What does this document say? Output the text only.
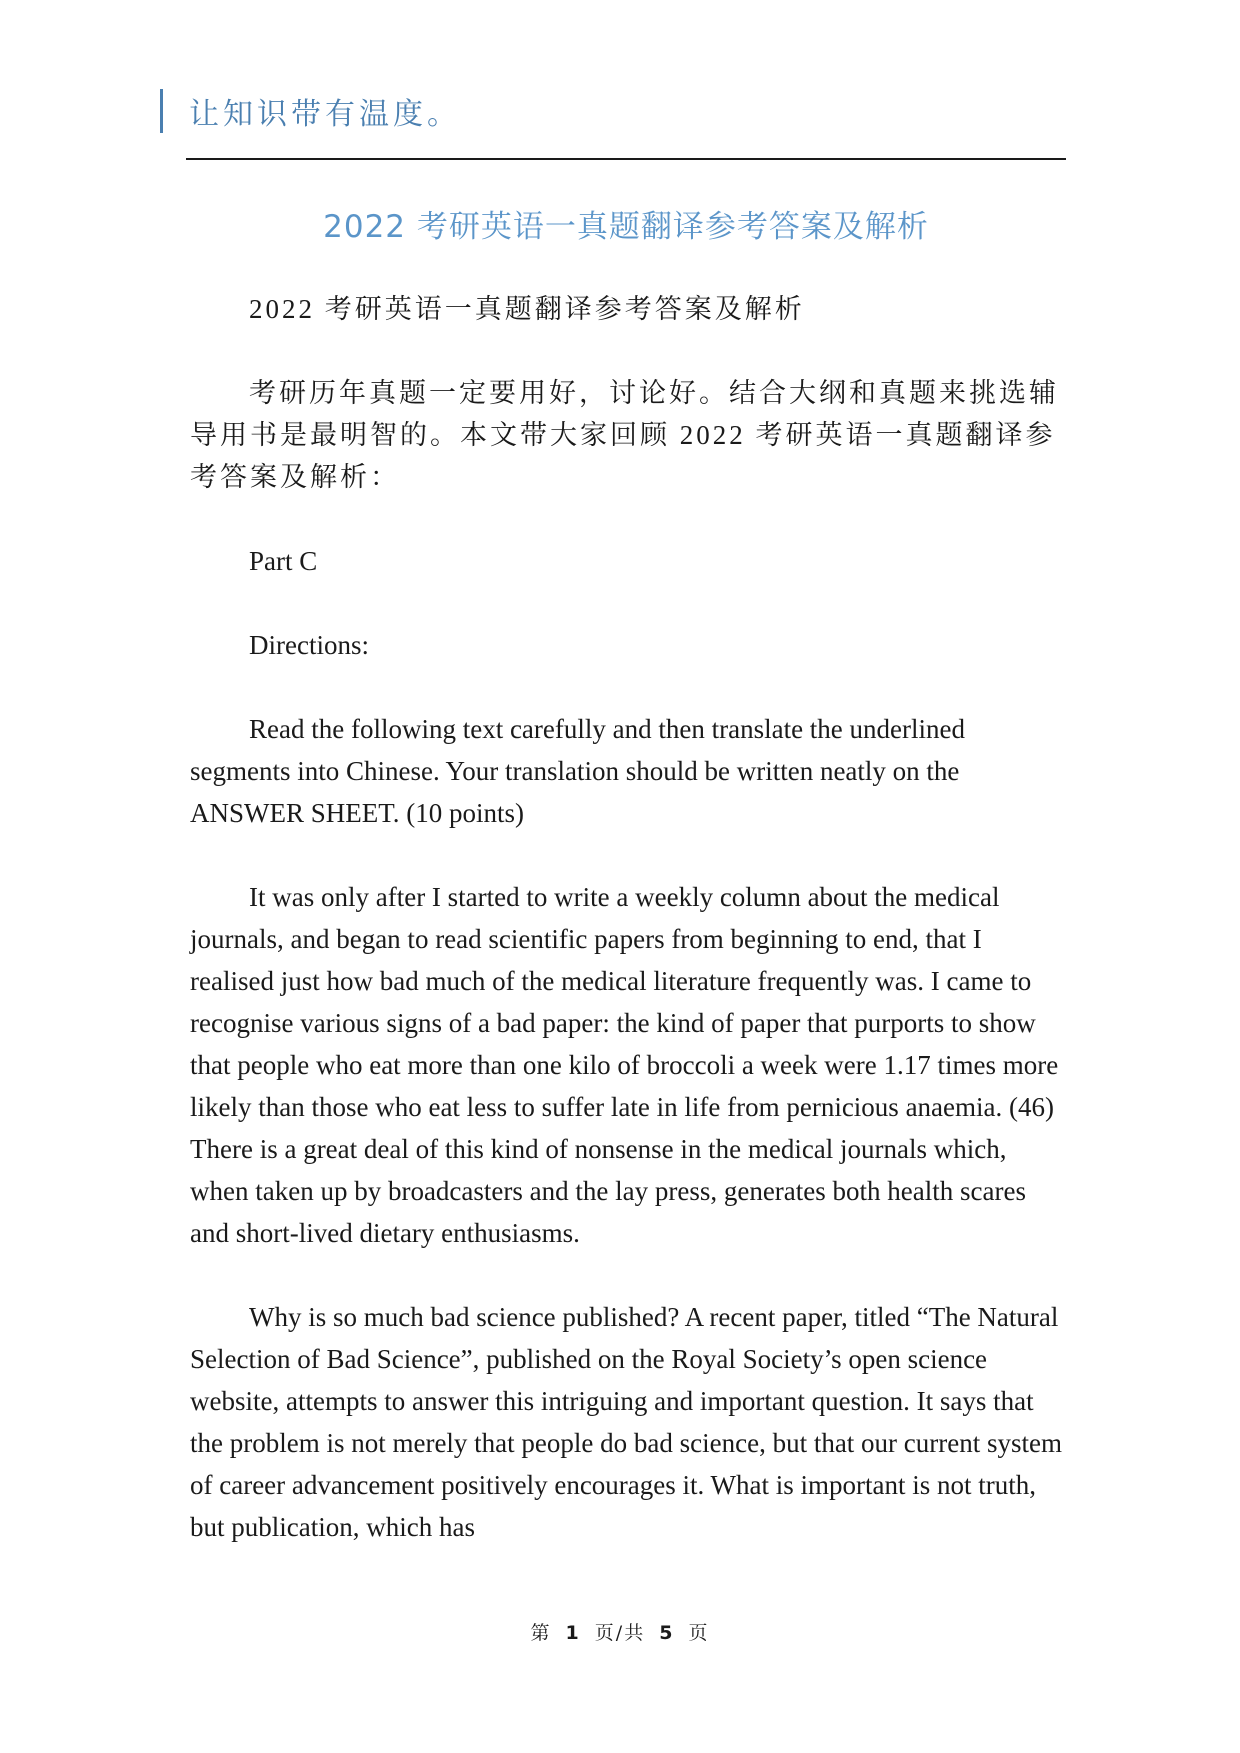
让知识带有温度。
2022 考研英语一真题翻译参考答案及解析

2022 考研英语一真题翻译参考答案及解析

考研历年真题一定要用好，讨论好。结合大纲和真题来挑选辅导用书是最明智的。本文带大家回顾 2022 考研英语一真题翻译参考答案及解析：

Part C

Directions:

Read the following text carefully and then translate the underlined segments into Chinese. Your translation should be written neatly on the ANSWER SHEET. (10 points)

It was only after I started to write a weekly column about the medical journals, and began to read scientific papers from beginning to end, that I realised just how bad much of the medical literature frequently was. I came to recognise various signs of a bad paper: the kind of paper that purports to show that people who eat more than one kilo of broccoli a week were 1.17 times more likely than those who eat less to suffer late in life from pernicious anaemia. (46) There is a great deal of this kind of nonsense in the medical journals which, when taken up by broadcasters and the lay press, generates both health scares and short-lived dietary enthusiasms.

Why is so much bad science published? A recent paper, titled “The Natural Selection of Bad Science”, published on the Royal Society’s open science website, attempts to answer this intriguing and important question. It says that the problem is not merely that people do bad science, but that our current system of career advancement positively encourages it. What is important is not truth, but publication, which has

第 1 页/共 5 页
